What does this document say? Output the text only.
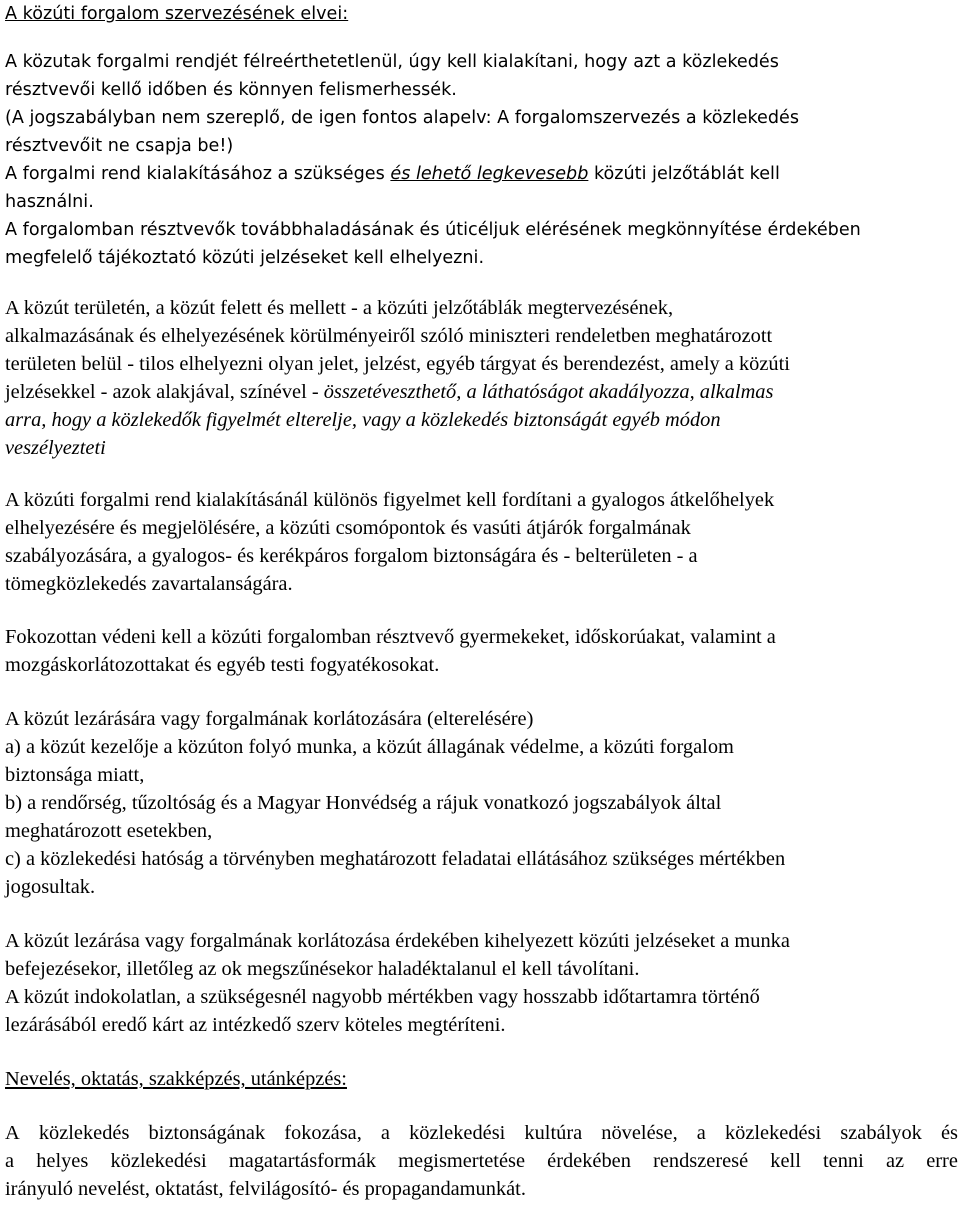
A közúti forgalom szervezésének elvei:
A közutak forgalmi rendjét félreérthetetlenül, úgy kell kialakítani, hogy azt a közlekedés
résztvevői kellő időben és könnyen felismerhessék.
(A jogszabályban nem szereplő, de igen fontos alapelv: A forgalomszervezés a közlekedés
résztvevőit ne csapja be!)
A forgalmi rend kialakításához a szükséges és lehető legkevesebb közúti jelzőtáblát kell
használni.
A forgalomban résztvevők továbbhaladásának és úticéljuk elérésének megkönnyítése érdekében
megfelelő tájékoztató közúti jelzéseket kell elhelyezni.
A közút területén, a közút felett és mellett - a közúti jelzőtáblák megtervezésének,
alkalmazásának és elhelyezésének körülményeiről szóló miniszteri rendeletben meghatározott
területen belül - tilos elhelyezni olyan jelet, jelzést, egyéb tárgyat és berendezést, amely a közúti
jelzésekkel - azok alakjával, színével - összetéveszthető, a láthatóságot akadályozza, alkalmas
arra, hogy a közlekedők figyelmét elterelje, vagy a közlekedés biztonságát egyéb módon
veszélyezteti
A közúti forgalmi rend kialakításánál különös figyelmet kell fordítani a gyalogos átkelőhelyek
elhelyezésére és megjelölésére, a közúti csomópontok és vasúti átjárók forgalmának
szabályozására, a gyalogos- és kerékpáros forgalom biztonságára és - belterületen - a
tömegközlekedés zavartalanságára.
Fokozottan védeni kell a közúti forgalomban résztvevő gyermekeket, időskorúakat, valamint a
mozgáskorlátozottakat és egyéb testi fogyatékosokat.
A közút lezárására vagy forgalmának korlátozására (elterelésére)
a) a közút kezelője a közúton folyó munka, a közút állagának védelme, a közúti forgalom
biztonsága miatt,
b) a rendőrség, tűzoltóság és a Magyar Honvédség a rájuk vonatkozó jogszabályok által
meghatározott esetekben,
c) a közlekedési hatóság a törvényben meghatározott feladatai ellátásához szükséges mértékben
jogosultak.
A közút lezárása vagy forgalmának korlátozása érdekében kihelyezett közúti jelzéseket a munka
befejezésekor, illetőleg az ok megszűnésekor haladéktalanul el kell távolítani.
A közút indokolatlan, a szükségesnél nagyobb mértékben vagy hosszabb időtartamra történő
lezárásából eredő kárt az intézkedő szerv köteles megtéríteni.
Nevelés, oktatás, szakképzés, utánképzés:
A közlekedés biztonságának fokozása, a közlekedési kultúra növelése, a közlekedési szabályok és
a helyes közlekedési magatartásformák megismertetése érdekében rendszeresé kell tenni az erre
irányuló nevelést, oktatást, felvilágosító- és propagandamunkát.
